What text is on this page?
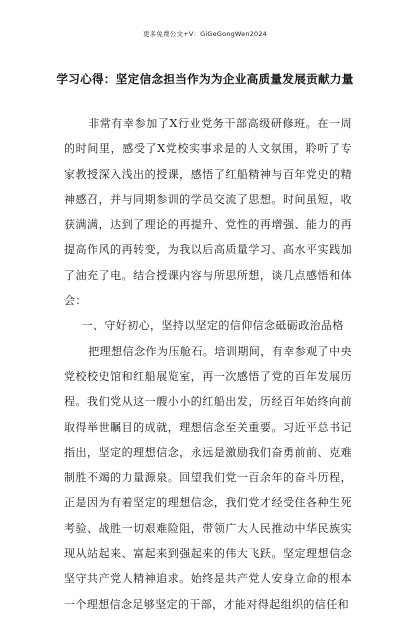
更多免费公文+V：GiGeGongWen2024
学习心得：坚定信念担当作为为企业高质量发展贡献力量

非常有幸参加了X行业党务干部高级研修班。在一周的时间里，感受了X党校实事求是的人文氛围，聆听了专家教授深入浅出的授课，感悟了红船精神与百年党史的精神感召，并与同期参训的学员交流了思想。时间虽短，收获满满，达到了理论的再提升、党性的再增强、能力的再提高作风的再转变，为我以后高质量学习、高水平实践加了油充了电。结合授课内容与所思所想，谈几点感悟和体会：

一、守好初心，坚持以坚定的信仰信念砥砺政治品格

把理想信念作为压舱石。培训期间，有幸参观了中央党校校史馆和红船展览室，再一次感悟了党的百年发展历程。我们党从这一艘小小的红船出发，历经百年始终向前取得举世瞩目的成就，理想信念至关重要。习近平总书记指出，坚定的理想信念，永远是激励我们奋勇前前、克难制胜不竭的力量源泉。回望我们党一百余年的奋斗历程，正是因为有着坚定的理想信念，我们党才经受住各种生死考验、战胜一切艰难险阻，带领广大人民推动中华民族实现从站起来、富起来到强起来的伟大飞跃。坚定理想信念坚守共产党人精神追求。始终是共产党人安身立命的根本一个理想信念足够坚定的干部，才能对得起组织的信任和
